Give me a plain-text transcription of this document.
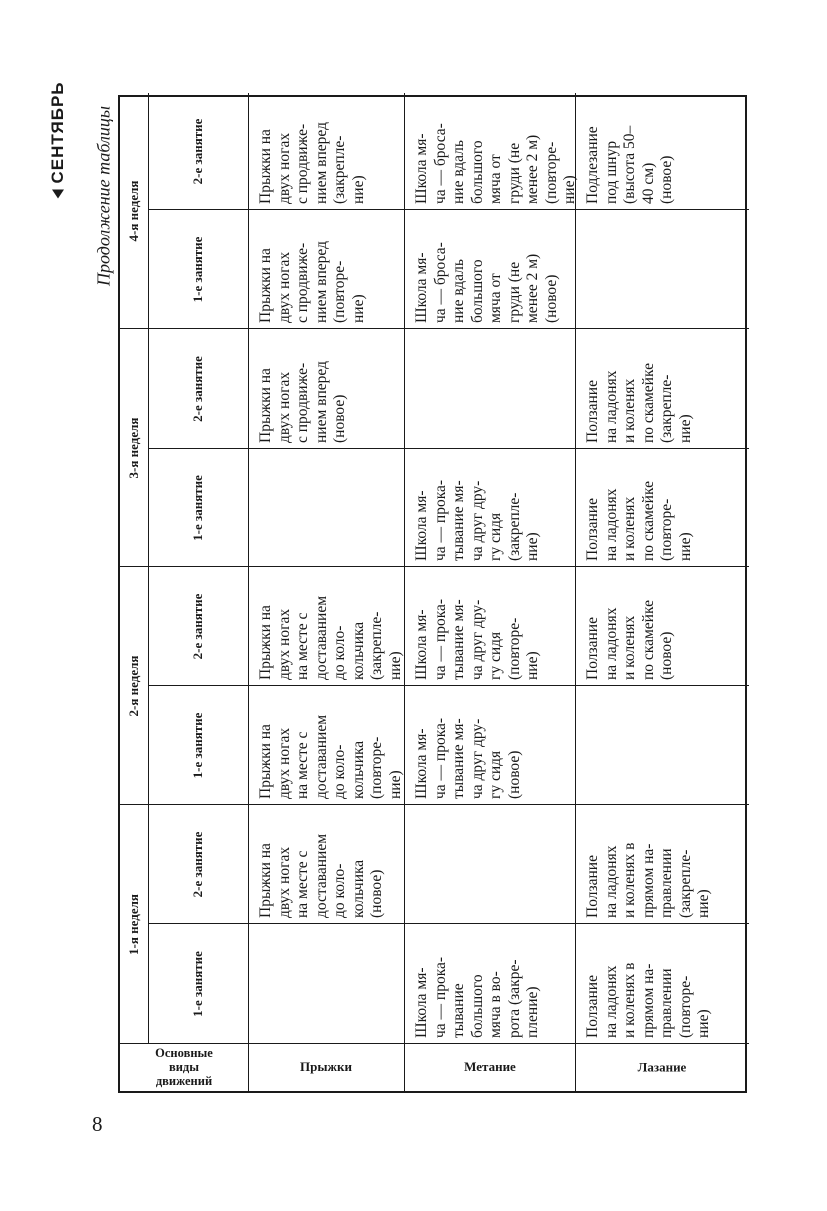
8
СЕНТЯБРЬ Продолжение таблицы
1-я неделя
2-я неделя
3-я неделя
4-я неделя
1-е занятие
2-е занятие
1-е занятие
2-е занятие
1-е занятие
2-е занятие
1-е занятие
2-е занятие
Основные виды движений
Прыжки
Прыжки на
двух ногах
на месте с
доставанием
до коло-
кольчика
(новое)
Прыжки на
двух ногах
на месте с
доставанием
до коло-
кольчика
(повторе-
ние)
Прыжки на
двух ногах
на месте с
доставанием
до коло-
кольчика
(закрепле-
ние)
Прыжки на
двух ногах
с продвиже-
нием вперед
(новое)
Прыжки на
двух ногах
с продвиже-
нием вперед
(повторе-
ние)
Прыжки на
двух ногах
с продвиже-
нием вперед
(закрепле-
ние)
Метание
Школа мя-
ча — прока-
тывание
большого
мяча в во-
рота (закре-
пление)
Школа мя-
ча — прока-
тывание мя-
ча друг дру-
гу сидя
(новое)
Школа мя-
ча — прока-
тывание мя-
ча друг дру-
гу сидя
(повторе-
ние)
Школа мя-
ча — прока-
тывание мя-
ча друг дру-
гу сидя
(закрепле-
ние)
Школа мя-
ча — броса-
ние вдаль
большого
мяча от
груди (не
менее 2 м)
(новое)
Школа мя-
ча — броса-
ние вдаль
большого
мяча от
груди (не
менее 2 м)
(повторе-
ние)
Лазание
Ползание
на ладонях
и коленях в
прямом на-
правлении
(повторе-
ние)
Ползание
на ладонях
и коленях в
прямом на-
правлении
(закрепле-
ние)
Ползание
на ладонях
и коленях
по скамейке
(новое)
Ползание
на ладонях
и коленях
по скамейке
(повторе-
ние)
Ползание
на ладонях
и коленях
по скамейке
(закрепле-
ние)
Подлезание
под шнур
(высота 50–
40 см)
(новое)
